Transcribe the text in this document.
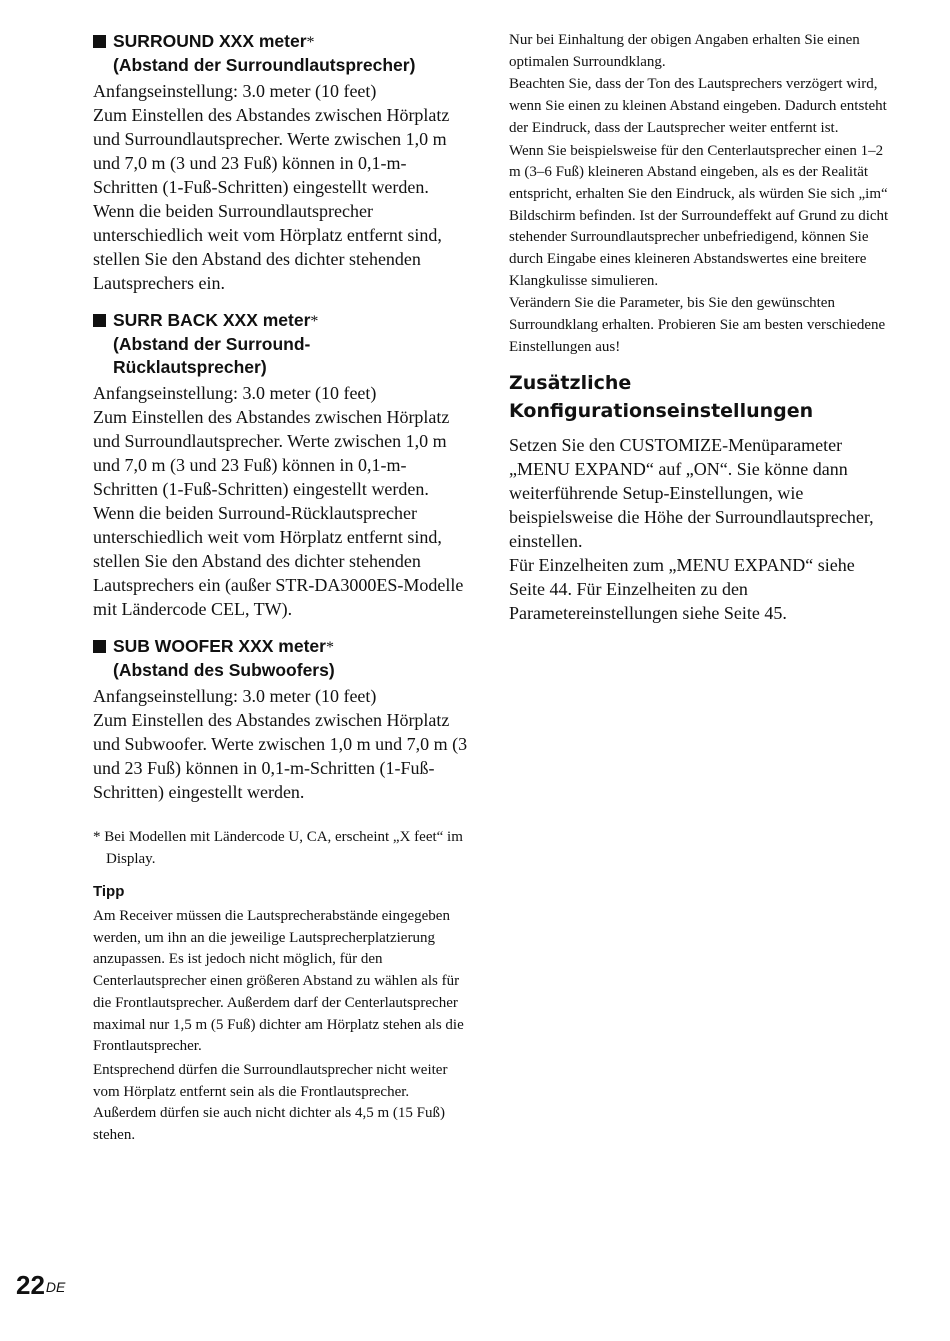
SURROUND XXX meter*
(Abstand der Surroundlautsprecher)

Anfangseinstellung: 3.0 meter (10 feet)

Zum Einstellen des Abstandes zwischen Hörplatz und Surroundlautsprecher. Werte zwischen 1,0 m und 7,0 m (3 und 23 Fuß) können in 0,1-m-Schritten (1-Fuß-Schritten) eingestellt werden.

Wenn die beiden Surroundlautsprecher unterschiedlich weit vom Hörplatz entfernt sind, stellen Sie den Abstand des dichter stehenden Lautsprechers ein.

SURR BACK XXX meter*
(Abstand der Surround-
Rücklautsprecher)

Anfangseinstellung: 3.0 meter (10 feet)

Zum Einstellen des Abstandes zwischen Hörplatz und Surroundlautsprecher. Werte zwischen 1,0 m und 7,0 m (3 und 23 Fuß) können in 0,1-m-Schritten (1-Fuß-Schritten) eingestellt werden.

Wenn die beiden Surround-Rücklautsprecher unterschiedlich weit vom Hörplatz entfernt sind, stellen Sie den Abstand des dichter stehenden Lautsprechers ein (außer STR-DA3000ES-Modelle mit Ländercode CEL, TW).

SUB WOOFER XXX meter*
(Abstand des Subwoofers)

Anfangseinstellung: 3.0 meter (10 feet)

Zum Einstellen des Abstandes zwischen Hörplatz und Subwoofer. Werte zwischen 1,0 m und 7,0 m (3 und 23 Fuß) können in 0,1-m-Schritten (1-Fuß-Schritten) eingestellt werden.

* Bei Modellen mit Ländercode U, CA, erscheint „X feet“ im Display.
Tipp

Am Receiver müssen die Lautsprecherabstände eingegeben werden, um ihn an die jeweilige Lautsprecherplatzierung anzupassen. Es ist jedoch nicht möglich, für den Centerlautsprecher einen größeren Abstand zu wählen als für die Frontlautsprecher. Außerdem darf der Centerlautsprecher maximal nur 1,5 m (5 Fuß) dichter am Hörplatz stehen als die Frontlautsprecher.

Entsprechend dürfen die Surroundlautsprecher nicht weiter vom Hörplatz entfernt sein als die Frontlautsprecher. Außerdem dürfen sie auch nicht dichter als 4,5 m (15 Fuß) stehen.

Nur bei Einhaltung der obigen Angaben erhalten Sie einen optimalen Surroundklang.

Beachten Sie, dass der Ton des Lautsprechers verzögert wird, wenn Sie einen zu kleinen Abstand eingeben. Dadurch entsteht der Eindruck, dass der Lautsprecher weiter entfernt ist.

Wenn Sie beispielsweise für den Centerlautsprecher einen 1–2 m (3–6 Fuß) kleineren Abstand eingeben, als es der Realität entspricht, erhalten Sie den Eindruck, als würden Sie sich „im“ Bildschirm befinden. Ist der Surroundeffekt auf Grund zu dicht stehender Surroundlautsprecher unbefriedigend, können Sie durch Eingabe eines kleineren Abstandswertes eine breitere Klangkulisse simulieren.

Verändern Sie die Parameter, bis Sie den gewünschten Surroundklang erhalten. Probieren Sie am besten verschiedene Einstellungen aus!

Zusätzliche
Konfigurationseinstellungen

Setzen Sie den CUSTOMIZE-Menüparameter „MENU EXPAND“ auf „ON“. Sie könne dann weiterführende Setup-Einstellungen, wie beispielsweise die Höhe der Surroundlautsprecher, einstellen.

Für Einzelheiten zum „MENU EXPAND“ siehe Seite 44. Für Einzelheiten zu den Parametereinstellungen siehe Seite 45.

22DE
